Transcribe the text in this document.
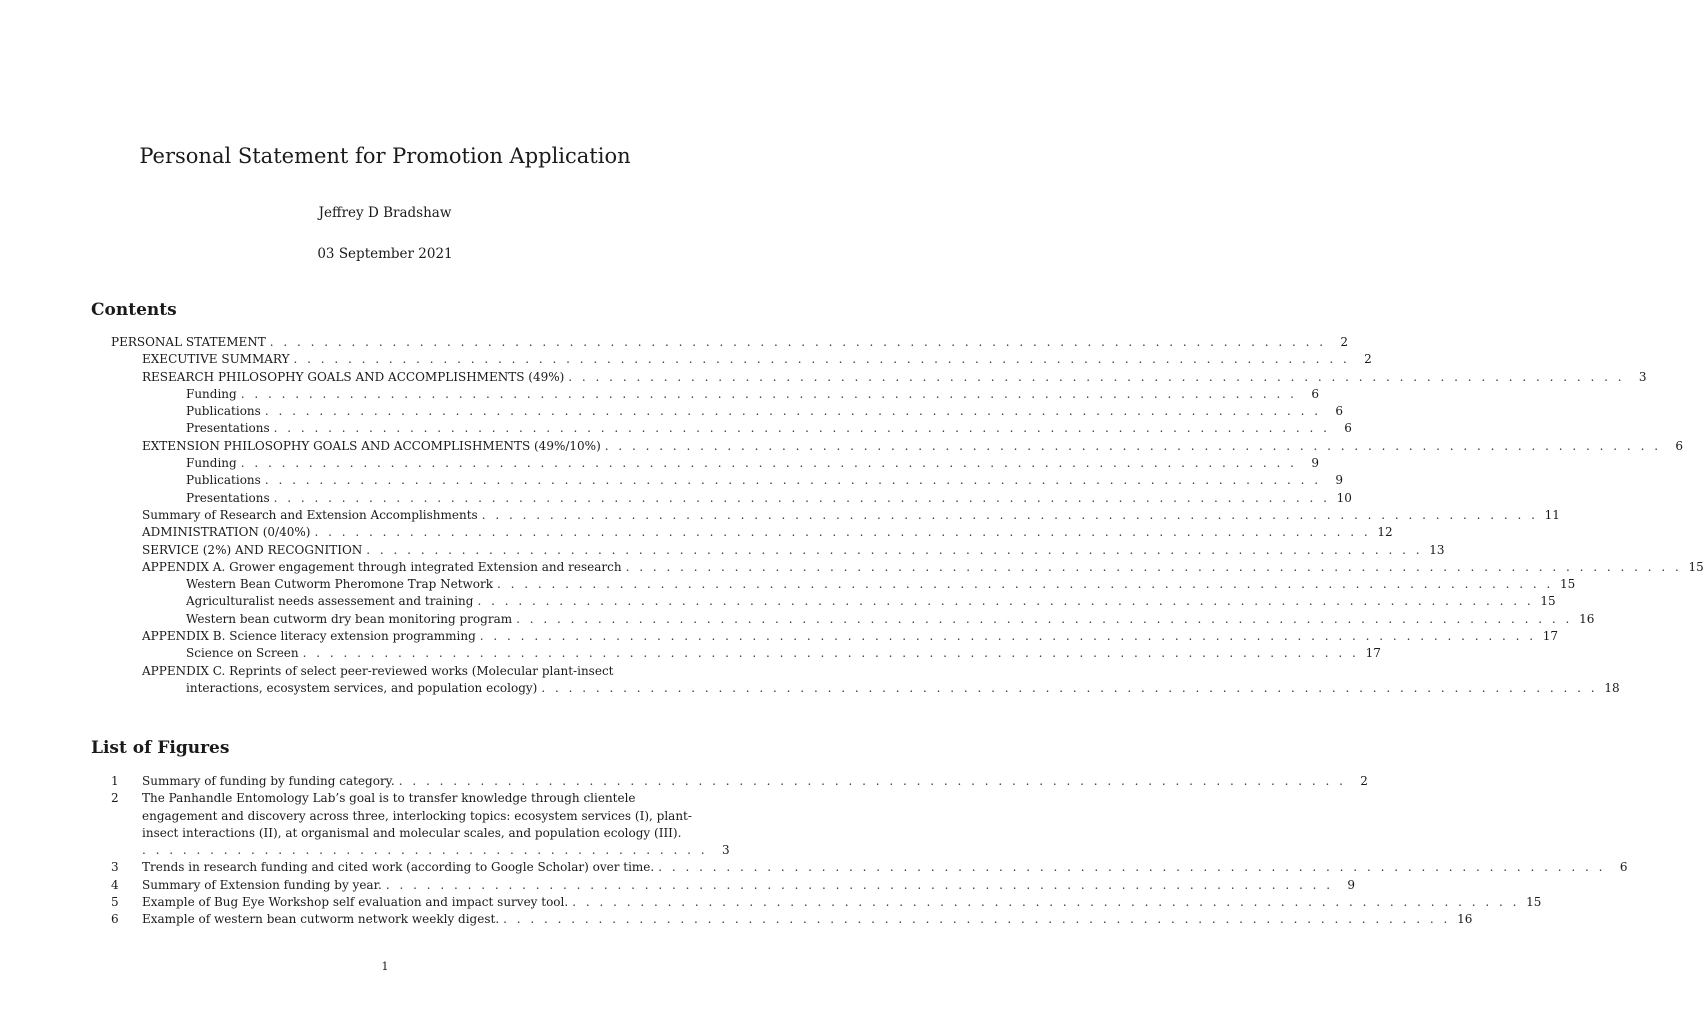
Personal Statement for Promotion Application
Jeffrey D Bradshaw
03 September 2021
Contents
PERSONAL STATEMENT . . .	2
EXECUTIVE SUMMARY . . .	2
RESEARCH PHILOSOPHY GOALS AND ACCOMPLISHMENTS (49%) . . .	3
Funding . . .	6
Publications . . .	6
Presentations . . .	6
EXTENSION PHILOSOPHY GOALS AND ACCOMPLISHMENTS (49%/10%) . . .	6
Funding . . .	9
Publications . . .	9
Presentations . . .	10
Summary of Research and Extension Accomplishments . . .	11
ADMINISTRATION (0/40%) . . .	12
SERVICE (2%) AND RECOGNITION . . .	13
APPENDIX A. Grower engagement through integrated Extension and research . . .	15
Western Bean Cutworm Pheromone Trap Network . . .	15
Agriculturalist needs assessement and training . . .	15
Western bean cutworm dry bean monitoring program . . .	16
APPENDIX B. Science literacy extension programming . . .	17
Science on Screen . . .	17
APPENDIX C. Reprints of select peer-reviewed works (Molecular plant-insect
interactions, ecosystem services, and population ecology) . . .	18
List of Figures
1	Summary of funding by funding category. . . .	2
2	The Panhandle Entomology Lab’s goal is to transfer knowledge through clientele engagement and discovery across three, interlocking topics: ecosystem services (I), plant-insect interactions (II), at organismal and molecular scales, and population ecology (III).
. . . . . . . . . . . . . . . . . . . . . . . . . . . . . . . . . . . . . . . . . .	3
3	Trends in research funding and cited work (according to Google Scholar) over time. . . .	6
4	Summary of Extension funding by year. . . .	9
5	Example of Bug Eye Workshop self evaluation and impact survey tool. . . .	15
6	Example of western bean cutworm network weekly digest. . . .	16
1
